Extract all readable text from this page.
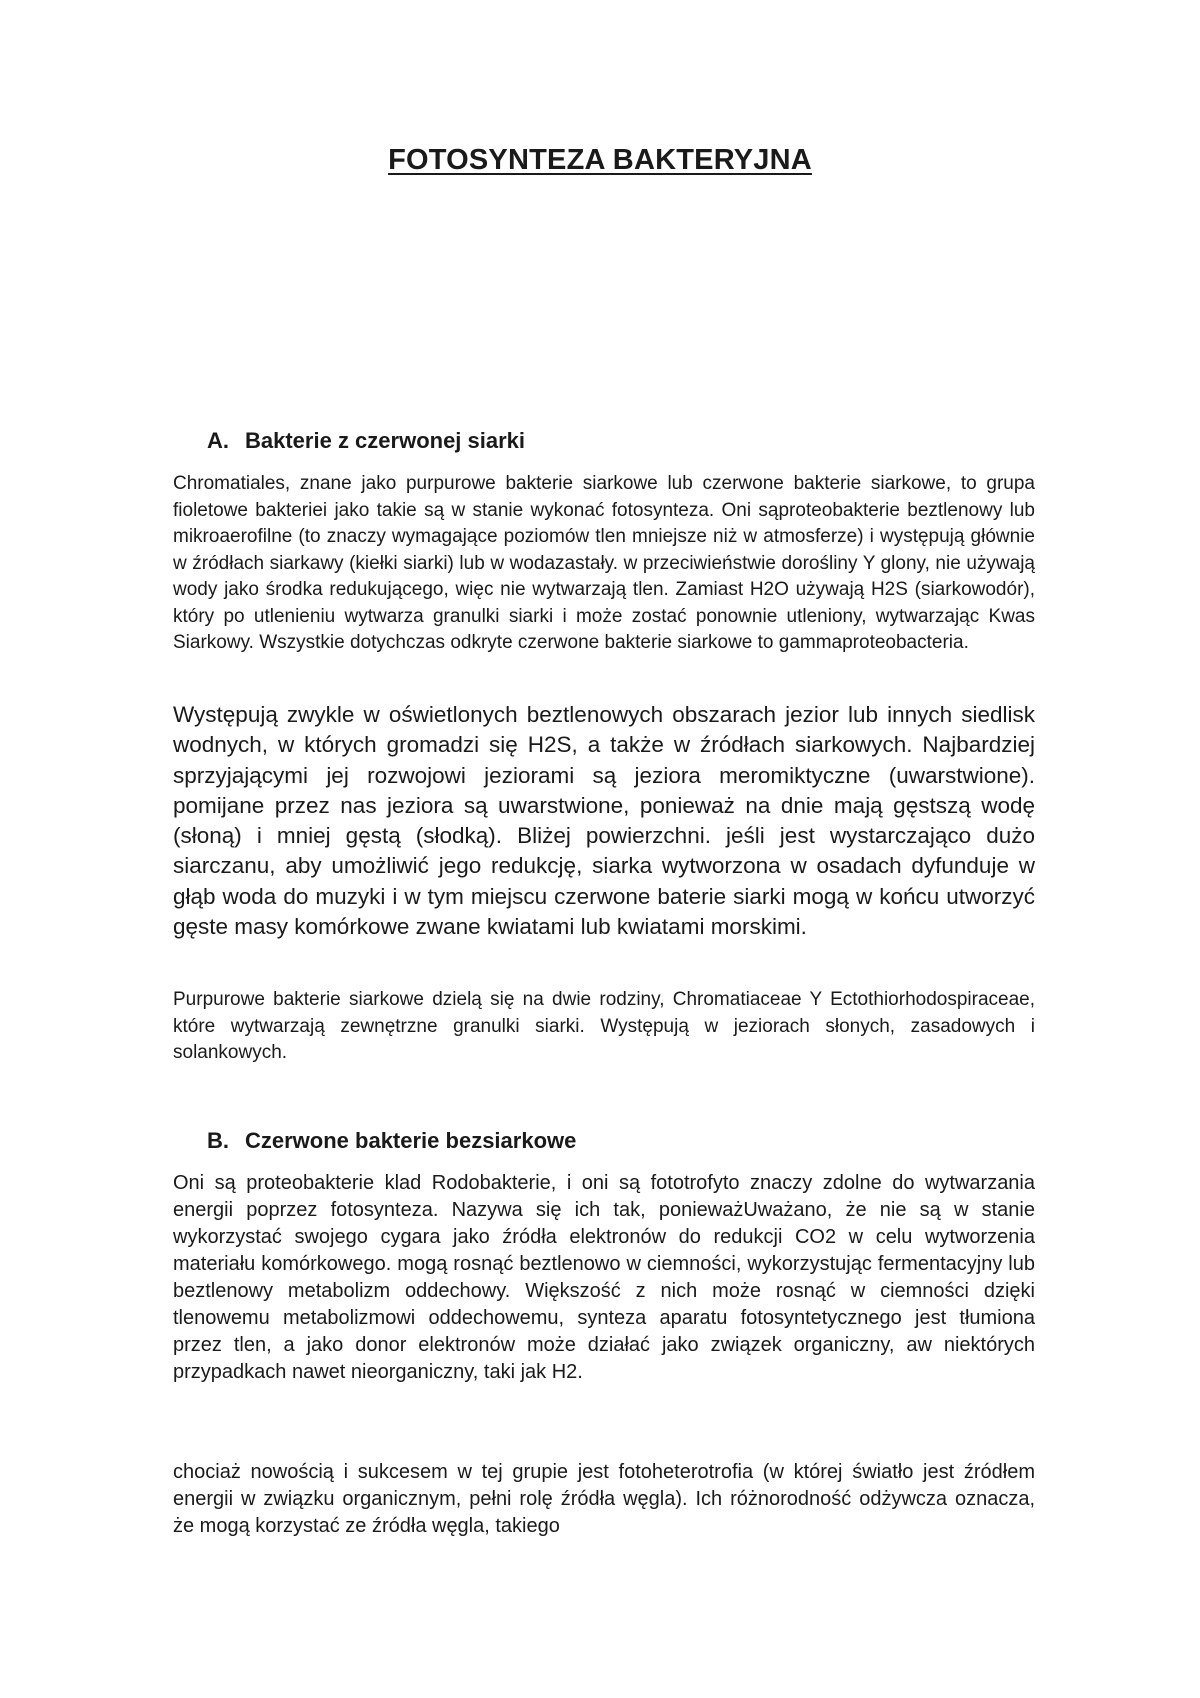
FOTOSYNTEZA BAKTERYJNA
A. Bakterie z czerwonej siarki

Chromatiales, znane jako purpurowe bakterie siarkowe lub czerwone bakterie siarkowe, to grupa fioletowe bakteriei jako takie są w stanie wykonać fotosynteza. Oni sąproteobakterie beztlenowy lub mikroaerofilne (to znaczy wymagające poziomów tlen mniejsze niż w atmosferze) i występują głównie w źródłach siarkawy (kiełki siarki) lub w wodazastały. w przeciwieństwie dorośliny Y glony, nie używają wody jako środka redukującego, więc nie wytwarzają tlen. Zamiast H2O używają H2S (siarkowodór), który po utlenieniu wytwarza granulki siarki i może zostać ponownie utleniony, wytwarzając Kwas Siarkowy. Wszystkie dotychczas odkryte czerwone bakterie siarkowe to gammaproteobacteria.

Występują zwykle w oświetlonych beztlenowych obszarach jezior lub innych siedlisk wodnych, w których gromadzi się H2S, a także w źródłach siarkowych. Najbardziej sprzyjającymi jej rozwojowi jeziorami są jeziora meromiktyczne (uwarstwione). pomijane przez nas jeziora są uwarstwione, ponieważ na dnie mają gęstszą wodę (słoną) i mniej gęstą (słodką). Bliżej powierzchni. jeśli jest wystarczająco dużo siarczanu, aby umożliwić jego redukcję, siarka wytworzona w osadach dyfunduje w głąb woda do muzyki i w tym miejscu czerwone baterie siarki mogą w końcu utworzyć gęste masy komórkowe zwane kwiatami lub kwiatami morskimi.

Purpurowe bakterie siarkowe dzielą się na dwie rodziny, Chromatiaceae Y Ectothiorhodospiraceae, które wytwarzają zewnętrzne granulki siarki. Występują w jeziorach słonych, zasadowych i solankowych.

B. Czerwone bakterie bezsiarkowe

Oni są proteobakterie klad Rodobakterie, i oni są fototrofyto znaczy zdolne do wytwarzania energii poprzez fotosynteza. Nazywa się ich tak, ponieważUważano, że nie są w stanie wykorzystać swojego cygara jako źródła elektronów do redukcji CO2 w celu wytworzenia materiału komórkowego. mogą rosnąć beztlenowo w ciemności, wykorzystując fermentacyjny lub beztlenowy metabolizm oddechowy. Większość z nich może rosnąć w ciemności dzięki tlenowemu metabolizmowi oddechowemu, synteza aparatu fotosyntetycznego jest tłumiona przez tlen, a jako donor elektronów może działać jako związek organiczny, aw niektórych przypadkach nawet nieorganiczny, taki jak H2.

chociaż nowością i sukcesem w tej grupie jest fotoheterotrofia (w której światło jest źródłem energii w związku organicznym, pełni rolę źródła węgla). Ich różnorodność odżywcza oznacza, że mogą korzystać ze źródła węgla, takiego
